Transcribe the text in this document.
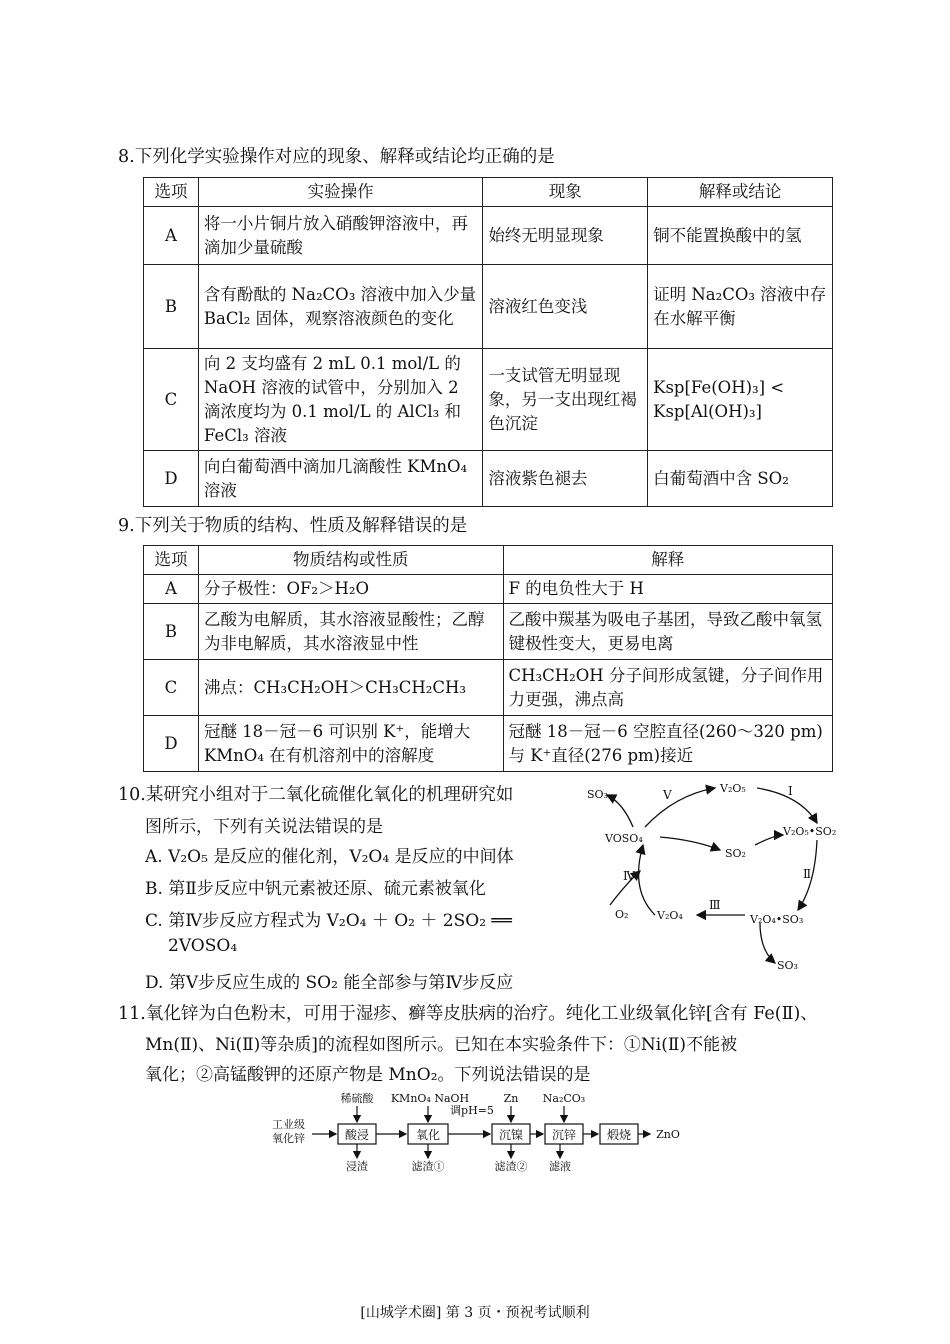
8.下列化学实验操作对应的现象、解释或结论均正确的是
选项	实验操作	现象	解释或结论
A	将一小片铜片放入硝酸钾溶液中，再滴加少量硫酸	始终无明显现象	铜不能置换酸中的氢
B	含有酚酞的 Na₂CO₃ 溶液中加入少量 BaCl₂ 固体，观察溶液颜色的变化	溶液红色变浅	证明 Na₂CO₃ 溶液中存在水解平衡
C	向 2 支均盛有 2 mL 0.1 mol/L 的 NaOH 溶液的试管中，分别加入 2 滴浓度均为 0.1 mol/L 的 AlCl₃ 和 FeCl₃ 溶液	一支试管无明显现象，另一支出现红褐色沉淀	Ksp[Fe(OH)₃] < Ksp[Al(OH)₃]
D	向白葡萄酒中滴加几滴酸性 KMnO₄ 溶液	溶液紫色褪去	白葡萄酒中含 SO₂
9.下列关于物质的结构、性质及解释错误的是
选项	物质结构或性质	解释
A	分子极性：OF₂＞H₂O	F 的电负性大于 H
B	乙酸为电解质，其水溶液显酸性；乙醇为非电解质，其水溶液显中性	乙酸中羰基为吸电子基团，导致乙酸中氧氢键极性变大，更易电离
C	沸点：CH₃CH₂OH＞CH₃CH₂CH₃	CH₃CH₂OH 分子间形成氢键，分子间作用力更强，沸点高
D	冠醚 18－冠－6 可识别 K⁺，能增大 KMnO₄ 在有机溶剂中的溶解度	冠醚 18－冠－6 空腔直径(260～320 pm)与 K⁺直径(276 pm)接近
10.某研究小组对于二氧化硫催化氧化的机理研究如
图所示，下列有关说法错误的是
A. V₂O₅ 是反应的催化剂，V₂O₄ 是反应的中间体
B. 第Ⅱ步反应中钒元素被还原、硫元素被氧化
C. 第Ⅳ步反应方程式为 V₂O₄ ＋ O₂ ＋ 2SO₂ ══
2VOSO₄
D. 第Ⅴ步反应生成的 SO₂ 能全部参与第Ⅳ步反应
V₂O₅
V₂O₅•SO₂
V₂O₄•SO₃
V₂O₄
VOSO₄
SO₂
SO₃
SO₃
O₂
Ⅰ
Ⅱ
Ⅲ
Ⅳ
Ⅴ
11.氧化锌为白色粉末，可用于湿疹、癣等皮肤病的治疗。纯化工业级氧化锌[含有 Fe(Ⅱ)、
Mn(Ⅱ)、Ni(Ⅱ)等杂质]的流程如图所示。已知在本实验条件下：①Ni(Ⅱ)不能被
氧化；②高锰酸钾的还原产物是 MnO₂。下列说法错误的是
工业级
氧化锌	酸浸	氧化	沉镍 沉锌	煅烧
稀硫酸 KMnO₄ NaOH
调pH=5
Zn Na₂CO₃
浸渣	滤渣①	滤渣② 滤液
ZnO
[山城学术圈] 第 3 页・预祝考试顺利
